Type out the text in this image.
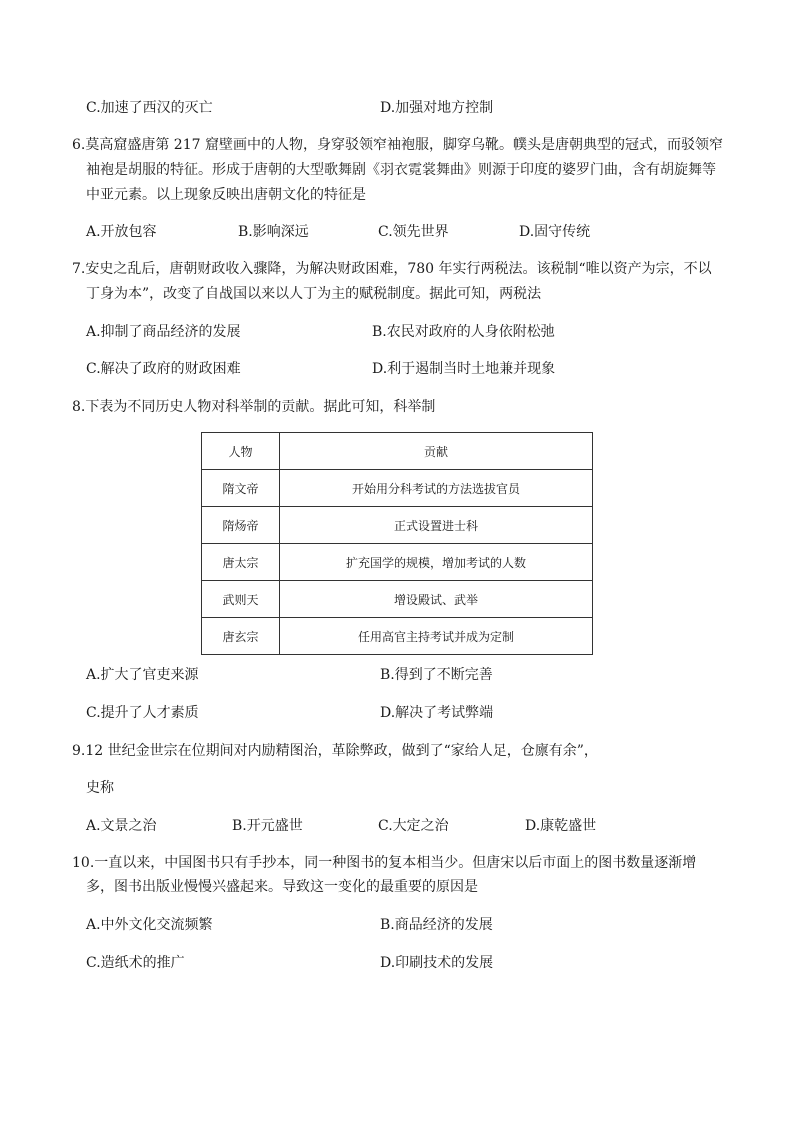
C.加速了西汉的灭亡	D.加强对地方控制
6.莫高窟盛唐第 217 窟壁画中的人物，身穿驳领窄袖袍服，脚穿乌靴。幞头是唐朝典型的冠式，而驳领窄
袖袍是胡服的特征。形成于唐朝的大型歌舞剧《羽衣霓裳舞曲》则源于印度的婆罗门曲，含有胡旋舞等
中亚元素。以上现象反映出唐朝文化的特征是
A.开放包容	B.影响深远	C.领先世界	D.固守传统
7.安史之乱后，唐朝财政收入骤降，为解决财政困难，780 年实行两税法。该税制“唯以资产为宗，不以
丁身为本”，改变了自战国以来以人丁为主的赋税制度。据此可知，两税法
A.抑制了商品经济的发展	B.农民对政府的人身依附松弛
C.解决了政府的财政困难	D.利于遏制当时土地兼并现象
8.下表为不同历史人物对科举制的贡献。据此可知，科举制
人物	贡献
隋文帝	开始用分科考试的方法选拔官员
隋炀帝	正式设置进士科
唐太宗	扩充国学的规模，增加考试的人数
武则天	增设殿试、武举
唐玄宗	任用高官主持考试并成为定制
A.扩大了官吏来源	B.得到了不断完善
C.提升了人才素质	D.解决了考试弊端
9.12 世纪金世宗在位期间对内励精图治，革除弊政，做到了“家给人足，仓廪有余”，
史称
A.文景之治	B.开元盛世	C.大定之治	D.康乾盛世
10.一直以来，中国图书只有手抄本，同一种图书的复本相当少。但唐宋以后市面上的图书数量逐渐增
多，图书出版业慢慢兴盛起来。导致这一变化的最重要的原因是
A.中外文化交流频繁	B.商品经济的发展
C.造纸术的推广	D.印刷技术的发展
